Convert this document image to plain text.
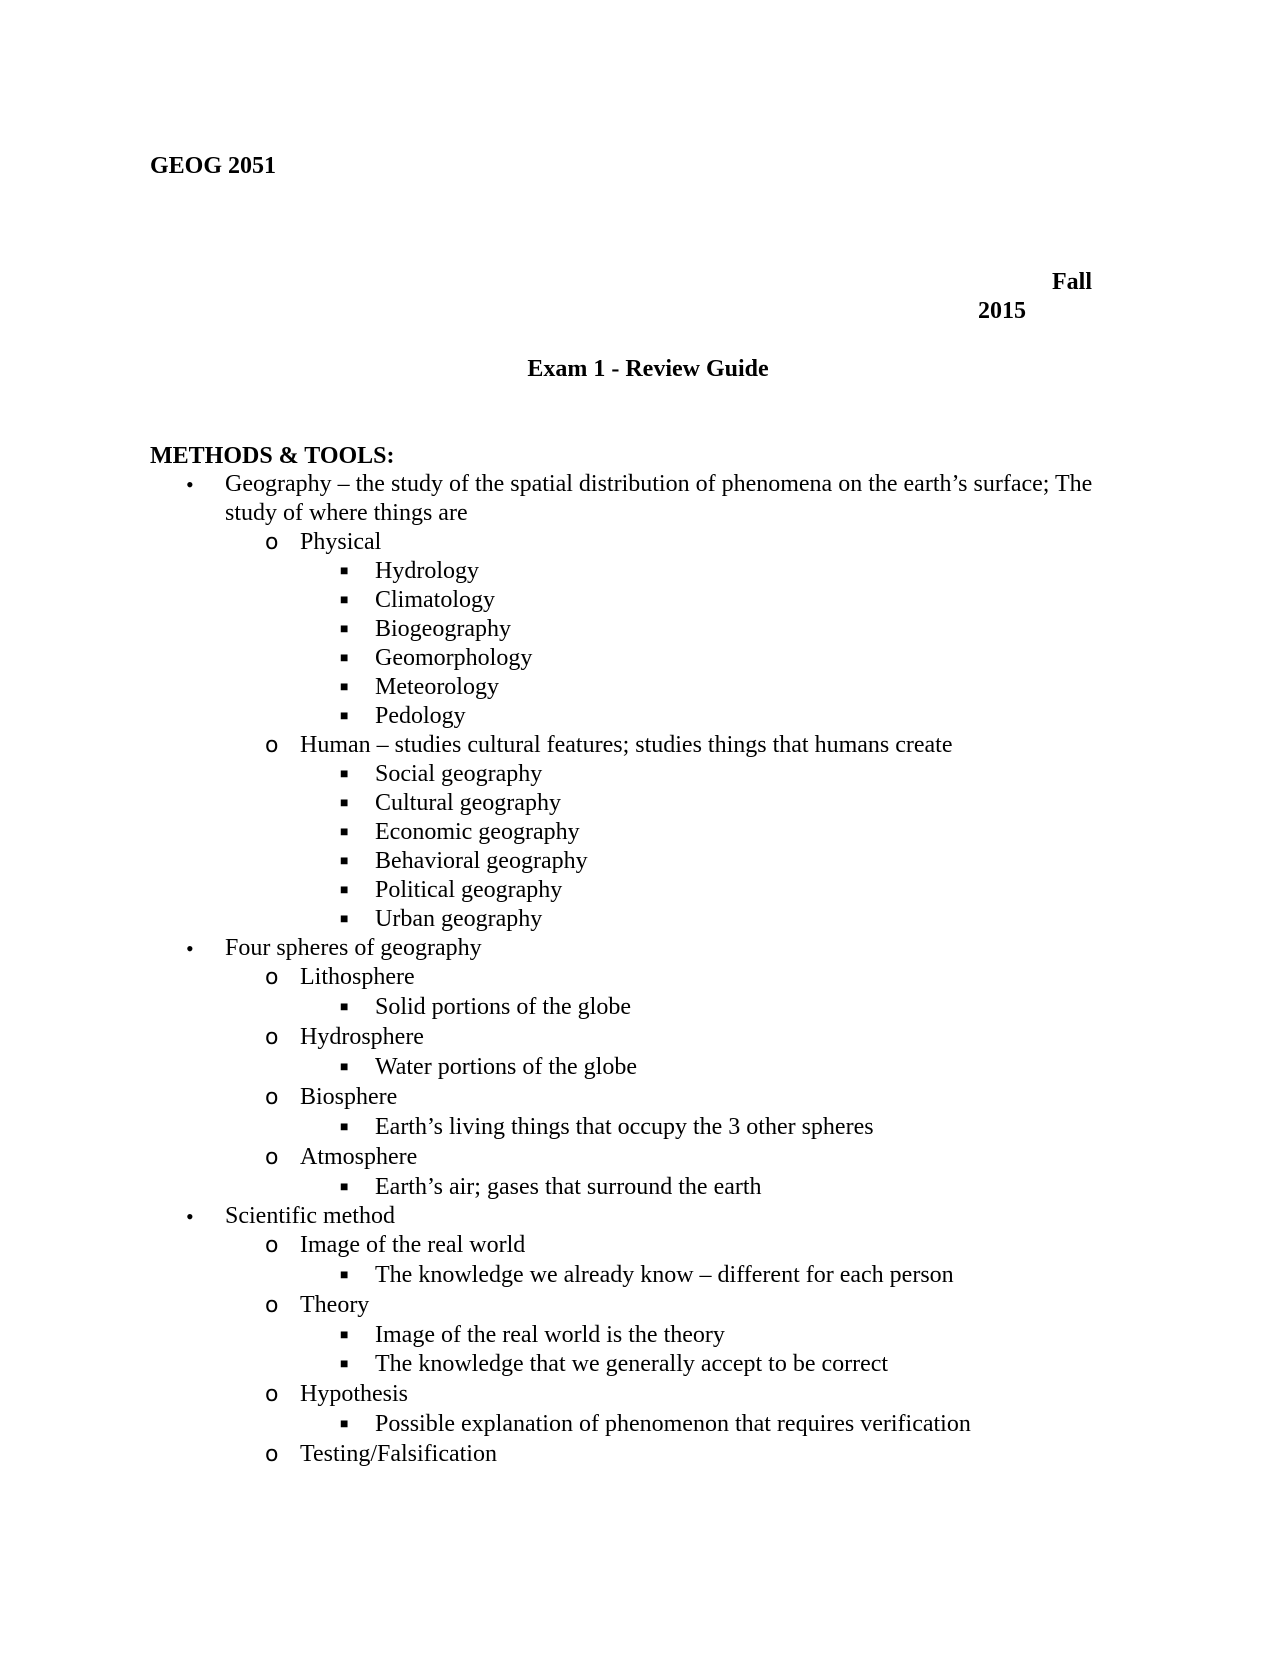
GEOG 2051
Fall
2015
Exam 1 - Review Guide
METHODS & TOOLS:
• Geography – the study of the spatial distribution of phenomena on the earth’s surface; The study of where things are
o Physical
■ Hydrology
■ Climatology
■ Biogeography
■ Geomorphology
■ Meteorology
■ Pedology
o Human – studies cultural features; studies things that humans create
■ Social geography
■ Cultural geography
■ Economic geography
■ Behavioral geography
■ Political geography
■ Urban geography
• Four spheres of geography
o Lithosphere
■ Solid portions of the globe
o Hydrosphere
■ Water portions of the globe
o Biosphere
■ Earth’s living things that occupy the 3 other spheres
o Atmosphere
■ Earth’s air; gases that surround the earth
• Scientific method
o Image of the real world
■ The knowledge we already know – different for each person
o Theory
■ Image of the real world is the theory
■ The knowledge that we generally accept to be correct
o Hypothesis
■ Possible explanation of phenomenon that requires verification
o Testing/Falsification
